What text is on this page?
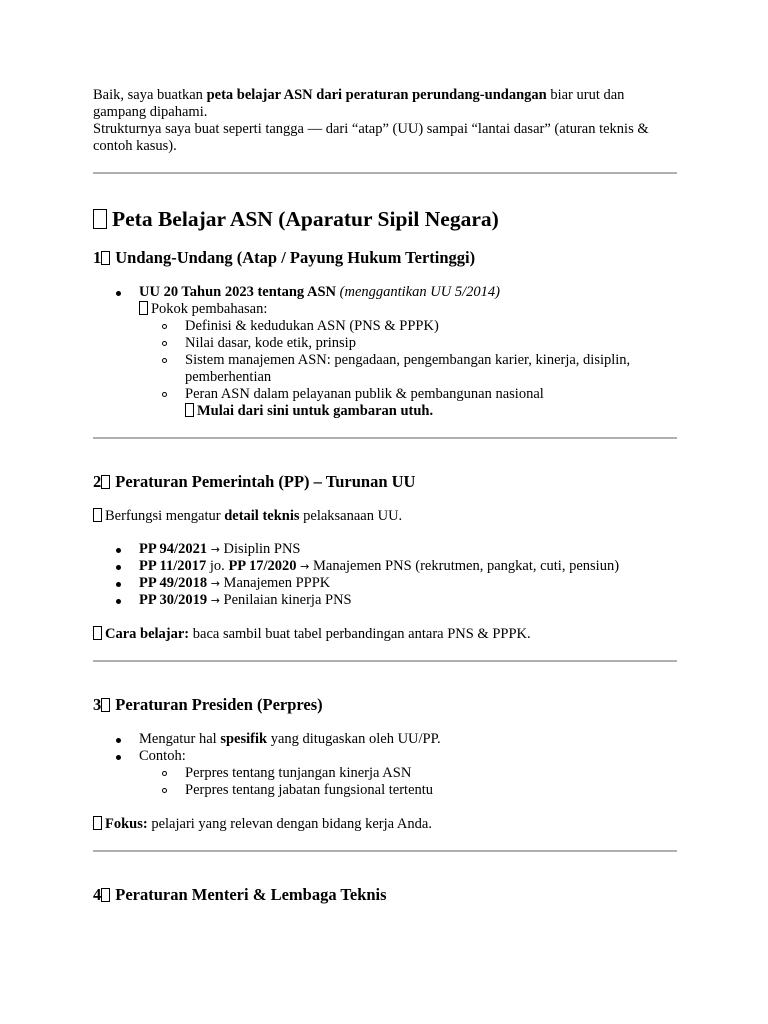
Baik, saya buatkan peta belajar ASN dari peraturan perundang-undangan biar urut dan gampang dipahami.

Strukturnya saya buat seperti tangga — dari “atap” (UU) sampai “lantai dasar” (aturan teknis & contoh kasus).

Peta Belajar ASN (Aparatur Sipil Negara)
1 Undang-Undang (Atap / Payung Hukum Tertinggi)
UU 20 Tahun 2023 tentang ASN (menggantikan UU 5/2014)
Pokok pembahasan:
Definisi & kedudukan ASN (PNS & PPPK)
Nilai dasar, kode etik, prinsip
Sistem manajemen ASN: pengadaan, pengembangan karier, kinerja, disiplin, pemberhentian
Peran ASN dalam pelayanan publik & pembangunan nasional
Mulai dari sini untuk gambaran utuh.
2 Peraturan Pemerintah (PP) – Turunan UU

Berfungsi mengatur detail teknis pelaksanaan UU.

PP 94/2021 → Disiplin PNS
PP 11/2017 jo. PP 17/2020 → Manajemen PNS (rekrutmen, pangkat, cuti, pensiun)
PP 49/2018 → Manajemen PPPK
PP 30/2019 → Penilaian kinerja PNS

Cara belajar: baca sambil buat tabel perbandingan antara PNS & PPPK.

3 Peraturan Presiden (Perpres)
Mengatur hal spesifik yang ditugaskan oleh UU/PP.
Contoh:
Perpres tentang tunjangan kinerja ASN
Perpres tentang jabatan fungsional tertentu

Fokus: pelajari yang relevan dengan bidang kerja Anda.

4 Peraturan Menteri & Lembaga Teknis
